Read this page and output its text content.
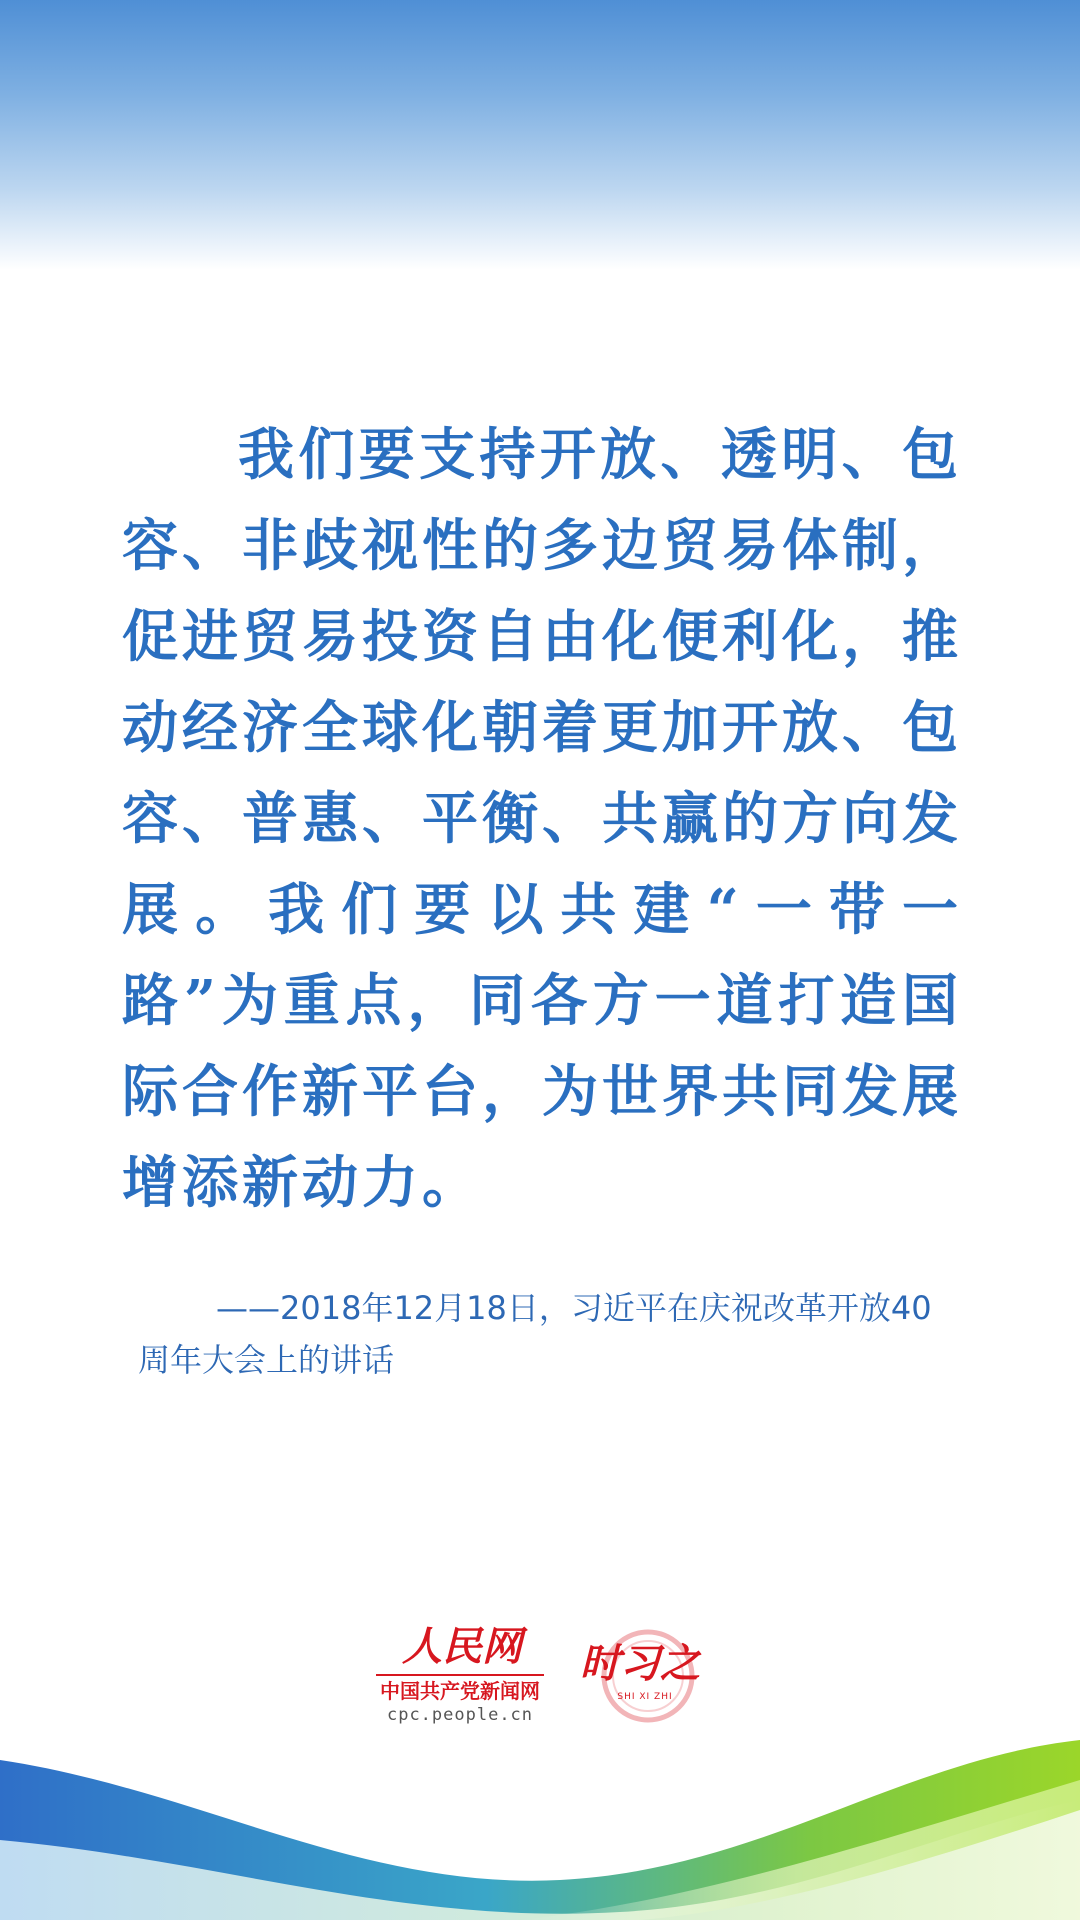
我们要支持开放、透明、包容、非歧视性的多边贸易体制，促进贸易投资自由化便利化，推动经济全球化朝着更加开放、包容、普惠、平衡、共赢的方向发展。我们要以共建“一带一路”为重点，同各方一道打造国际合作新平台，为世界共同发展增添新动力。

——2018年12月18日，习近平在庆祝改革开放40周年大会上的讲话

人民网
中国共产党新闻网
cpc.people.cn
时习之
SHI XI ZHI
